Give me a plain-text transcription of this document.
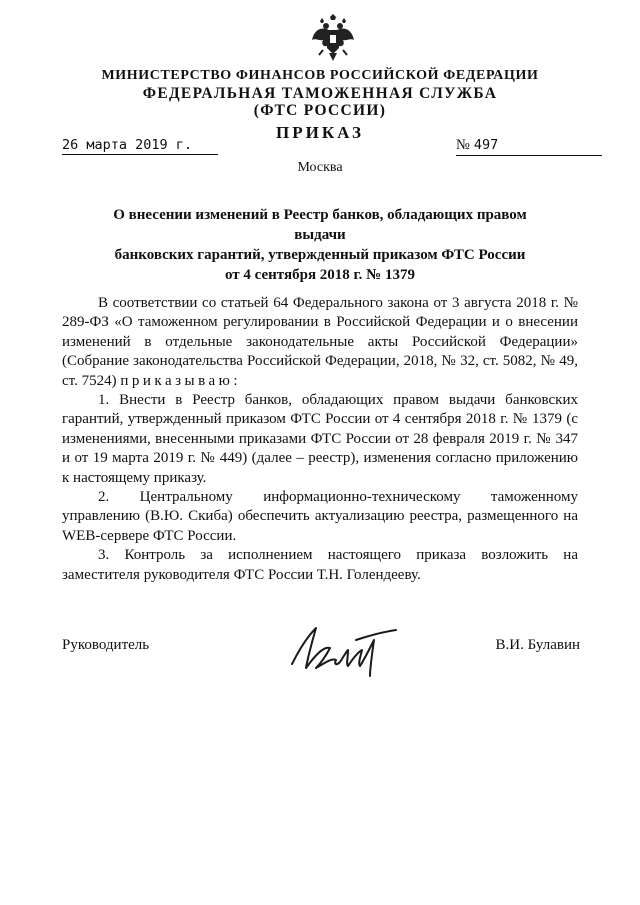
МИНИСТЕРСТВО ФИНАНСОВ РОССИЙСКОЙ ФЕДЕРАЦИИ
ФЕДЕРАЛЬНАЯ ТАМОЖЕННАЯ СЛУЖБА
(ФТС РОССИИ)
ПРИКАЗ
26 марта 2019 г.	№ 497
Москва
О внесении изменений в Реестр банков, обладающих правом выдачи
банковских гарантий, утвержденный приказом ФТС России
от 4 сентября 2018 г. № 1379

В соответствии со статьей 64 Федерального закона от 3 августа 2018 г. № 289-ФЗ «О таможенном регулировании в Российской Федерации и о внесении изменений в отдельные законодательные акты Российской Федерации» (Собрание законодательства Российской Федерации, 2018, № 32, ст. 5082, № 49, ст. 7524) приказываю:

1. Внести в Реестр банков, обладающих правом выдачи банковских гарантий, утвержденный приказом ФТС России от 4 сентября 2018 г. № 1379 (с изменениями, внесенными приказами ФТС России от 28 февраля 2019 г. № 347 и от 19 марта 2019 г. № 449) (далее – реестр), изменения согласно приложению к настоящему приказу.

2. Центральному информационно-техническому таможенному управлению (В.Ю. Скиба) обеспечить актуализацию реестра, размещенного на WEB-сервере ФТС России.

3. Контроль за исполнением настоящего приказа возложить на заместителя руководителя ФТС России Т.Н. Голендееву.

Руководитель	В.И. Булавин
